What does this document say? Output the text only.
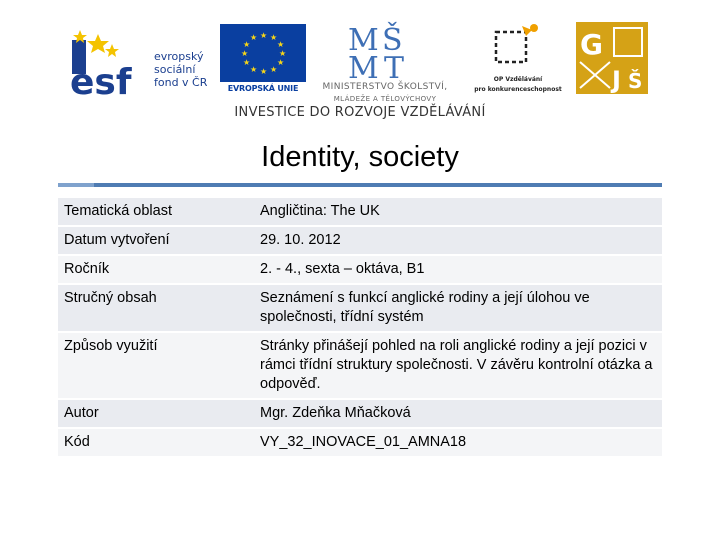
esf
evropský
sociální
fond v ČR
★ ★
★
★
★
★
★
★
★
★
★
★
EVROPSKÁ UNIE
M Š
M T
MINISTERSTVO ŠKOLSTVÍ,
MLÁDEŽE A TĚLOVÝCHOVY
OP Vzdělávání
pro konkurenceschopnost
G
J Š
INVESTICE DO ROZVOJE VZDĚLÁVÁNÍ
Identity, society
Tematická oblast	Angličtina: The UK
Datum vytvoření	29. 10. 2012
Ročník	2. - 4., sexta – oktáva, B1
Stručný obsah	Seznámení s funkcí anglické rodiny a její úlohou ve společnosti, třídní systém
Způsob využití	Stránky přinášejí pohled na roli anglické rodiny a její pozici v rámci třídní struktury společnosti. V závěru kontrolní otázka a odpověď.
Autor	Mgr. Zdeňka Mňačková
Kód	VY_32_INOVACE_01_AMNA18
